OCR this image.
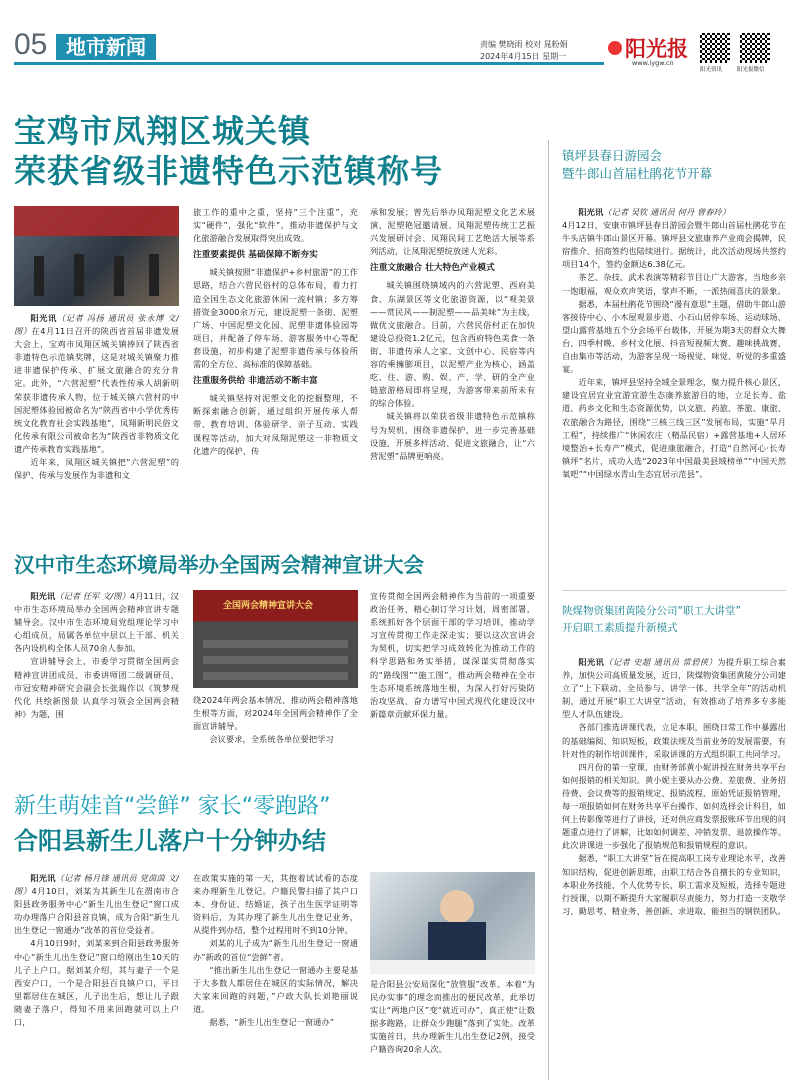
05 地市新闻	责编 樊晓雨 校对 晁粉娟
2024年4月15日 星期一	阳光报
www.iygw.cn
阳光资讯	阳光报微信
宝鸡市凤翔区城关镇
荣获省级非遗特色示范镇称号

阳光讯（记者 冯扬 通讯员 张永博 文/图）在4月11日召开的陕西省首届非遗发展大会上，宝鸡市凤翔区城关镇捧回了陕西省非遗特色示范镇奖牌，这是对城关镇聚力推进非遗保护传承、扩展文旅融合的充分肯定。此外，“六营泥塑”代表性传承人胡新明荣获非遗传承人物，位于城关镇六营村的中国泥塑体验园被命名为“陕西省中小学优秀传统文化教育社会实践基地”，凤翔新明民俗文化传承有限公司被命名为“陕西省非物质文化遗产传承教育实践基地”。

近年来，凤翔区城关镇把“六营泥塑”的保护、传承与发展作为非遗和文

旅工作的重中之重，坚持“三个注重”，充实“硬件”，强化“软件”，推动非遗保护与文化旅游融合发展取得突出成效。

注重要素提供 基础保障不断夯实

城关镇按照“非遗保护+乡村旅游”的工作思路，结合六营民俗村的总体布局，着力打造全国生态文化旅游休闲一流村镇；多方筹措资金3000余万元，建设泥塑一条街、泥塑广场、中国泥塑文化园、泥塑非遗体验园等项目，并配备了停车场、游客服务中心等配套设施，初步构建了泥塑非遗传承与体验所需的全方位、高标准的保障基础。

注重服务供给 非遗活动不断丰富

城关镇坚持对泥塑文化的挖掘整理，不断探索融合创新，通过组织开展传承人帮带、教育培训、体验研学、亲子互动、实践课程等活动，加大对凤翔泥塑这一非物质文化遗产的保护、传

承和发展；曾先后举办凤翔泥塑文化艺术展演、泥塑艳冠邀请展、凤翔泥塑传统工艺振兴发展研讨会、凤翔民间工艺绝活大展等系列活动，让凤翔泥塑绽放迷人光彩。

注重文旅融合 壮大特色产业模式

城关镇围绕镇域内的六营泥塑、西府美食、东湖景区等文化旅游资源，以“观美景——赏民风——制泥塑——品美味”为主线，做优文旅融合。目前，六营民俗村正在加快建设总投资1.2亿元，包含西府特色美食一条街、非遗传承人之家、文创中心、民宿等内容的乘擁膨项目，以泥塑产业为核心，涵盖吃、住、游、购、娱、产、学、研的全产业链旅游格局即将呈现，为游客带来前所未有的综合体验。

城关镇将以荣获省级非遗特色示范镇称号为契机，围绕非遗保护，进一步完善基础设施、开展多样活动、促进文旅融合，让“六营泥塑”品牌更响亮。

镇坪县春日游园会
暨牛郎山首届杜鹃花节开幕

阳光讯（记者 吴钦 通讯员 何丹 曾春玲）

4月12日，安康市镇坪县春日游园会暨牛郎山首届杜鹃花节在牛头店镇牛郎山景区开幕。镇坪县文旅康养产业商会揭牌，民宿推介、招商签约也陆续进行。据统计，此次活动现场共签约项目14个，签约金额达6.38亿元。

茶艺、杂技、武术表演等精彩节目让广大游客，当地乡亲一饱眼福，观众欢声笑语，掌声不断，一派热闹喜庆的景象。

据悉，本届杜鹃花节围绕“漫有意思”主题，借助牛郎山游客接待中心、小木屋观景步道、小石山居停车场、运动球场、望山露营基地五个分会场平台载体，开展为期3天的群众大舞台、四季村晚、乡村文化展、抖音短视频大赛、趣味挑战赛、自由集市等活动，为游客呈现一场视觉、味觉、听觉的多重盛宴。

近年来，镇坪县坚持全域全景理念，聚力提升核心景区，建设宜居宜业宜游宜游生态康养旅游目的地，立足长寿、盐道、药乡文化和生态资源优势，以文旅、药旅、茶旅、康旅、农旅融合为路径，围绕“三核三线三区”发展布局，实施“旱月工程”，持续推广“休闲农庄（精品民宿）+露营基地+人居环境整治+长寿产”模式，促进康旅融合，打造“自然河心·长寿镇坪”名片，成功入选“2023年中国最美县域榜单”“中国天然氧吧”“中国绿水青山生态宜居示范县”。

汉中市生态环境局举办全国两会精神宣讲大会

阳光讯（记者 任军 文/图）4月11日，汉中市生态环境局举办全国两会精神宣讲专题辅导会。汉中市生态环境局党组理论学习中心组成员，局属各单位中层以上干部、机关各内设机构全体人员70余人参加。

宣讲辅导会上，市委学习贯彻全国两会精神宣讲团成员、市委讲师团二级调研员、市冠安精神研究会副会长张瑞作以《筑梦现代化 共绘新图景 认真学习领会全国两会精神》为题，围

全国两会精神宣讲大会

绕2024年两会基本情况、推动两会精神落地生根等方面，对2024年全国两会精神作了全面宣讲辅导。

会议要求，全系统各单位要把学习

宣传贯彻全国两会精神作为当前的一项重要政治任务，精心制订学习计划，周密部署，系统抓好各个层面干部的学习培训，推动学习宣传贯彻工作走深走实；要以这次宣讲会为契机，切实把学习成效转化为推动工作的科学思路和务实举措，谋深谋实贯彻落实的“路线图”“施工图”，推动两会精神在全市生态环境系统落地生根，为深入打好污染防治攻坚战、奋力谱写中国式现代化建设汉中新篇章贡献环保力量。

陕煤物资集团黄陵分公司“职工大讲堂”
开启职工素质提升新模式

阳光讯（记者 史超 通讯员 常碧侠）为提升职工综合素养，加快公司高质量发展，近日，陕煤物资集团黄陵分公司建立了“上下联动、全员参与、讲学一体、共学全年”的活动机制，通过开展“职工大讲堂”活动，有效推动了培养多专多能型人才队伍建设。

各部门推选讲课代表，立足本职，围绕日常工作中暴露出的基础编阅、知识短板，政策法规及当前业务的发展需要，有针对性的制作培训课件，采取讲课的方式组织职工共同学习。

四月份的第一堂课，由财务部黄小妮讲授在财务共享平台如何报销的相关知识。黄小妮主要从办公费、差旅费、业务招待费、会议费等的报销规定、报销流程、原始凭证报销管理，每一项报销如何在财务共享平台操作、如何选择会计科目，如何上传影像等进行了讲授，还对供应商发票报账环节出现的问题重点进行了讲解，比如如何调差、冲销发票、退款操作等。此次讲课进一步强化了报销规范和报销规程的意识。

据悉，“职工大讲堂”旨在提高职工岗专业理论水平，改善知识结构，促进创新思维，由职工结合各自擅长的专业知识，本职业务技能，个人优势专长，职工需求及短板，选择专题进行授课，以期不断提升大家履职尽责能力，努力打造一支敬学习、勤思考、精业务、善创新、求进取、能担当的钢铁团队。

新生萌娃首“尝鲜” 家长“零跑路”
合阳县新生儿落户十分钟办结

阳光讯（记者 杨月锋 通讯员 党茵茵 文/图）4月10日，刘某为其新生儿在渭南市合阳县政务服务中心“新生儿出生登记”窗口成功办理落户合阳县首良镇，成为合阳“新生儿出生登记一窗通办”改革的首位受益者。

4月10日9时，刘某来到合阳县政务服务中心“新生儿出生登记”窗口给刚出生10天的儿子上户口。据刘某介绍，其与妻子一个是西安户口，一个是合阳县百良镇户口，平日里都居住在城区，儿子出生后，想让儿子跟随妻子落户，得知不用来回跑就可以上户口，

在政策实施的第一天，其抱着试试看的态度来办理新生儿登记。户籍民警扫描了其户口本、身份证、结婚证，孩子出生医学证明等资料后，为其办理了新生儿出生登记业务，从提件到办结，整个过程用时不到10分钟。

刘某的儿子成为“新生儿出生登记一窗通办”新政的首位“尝鲜”者。

“推出新生儿出生登记一窗通办主要是基于大多数人都居住在城区的实际情况，解决大家来回跑的问题，”户政大队长刘艳丽说道。

据悉，“新生儿出生登记一窗通办”

是合阳县公安局深化“放管服”改革、本着“为民办实事”的理念而推出的便民改革，此举切实让“两地户区”变“就近可办”，真正使“让数据多跑路，让群众少跑腿”落到了实处。改革实施首日，共办理新生儿出生登记2例，接受户籍咨询20余人次。
